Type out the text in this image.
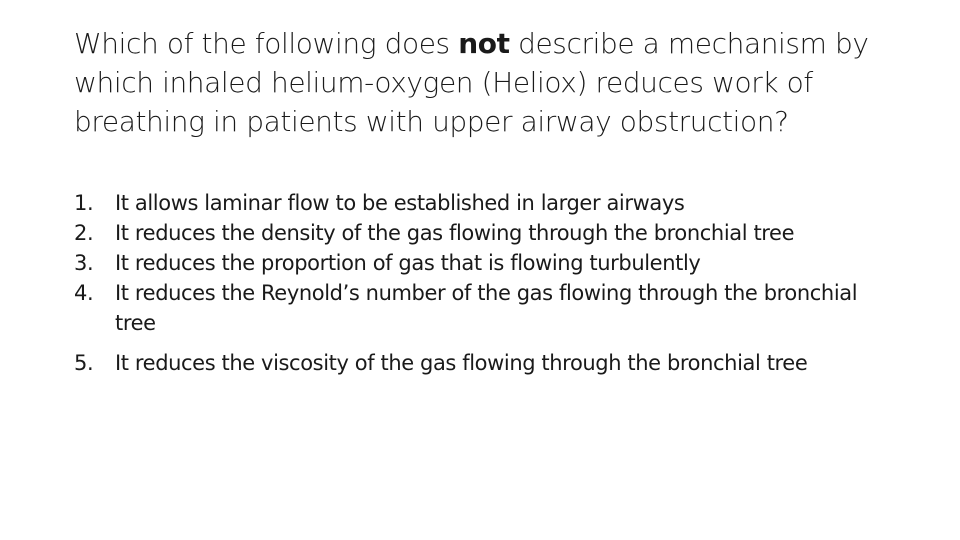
Which of the following does not describe a mechanism by which inhaled helium-oxygen (Heliox) reduces work of breathing in patients with upper airway obstruction?

1.	It allows laminar flow to be established in larger airways
2.	It reduces the density of the gas flowing through the bronchial tree
3.	It reduces the proportion of gas that is flowing turbulently
4.	It reduces the Reynold’s number of the gas flowing through the bronchial tree
5.	It reduces the viscosity of the gas flowing through the bronchial tree
